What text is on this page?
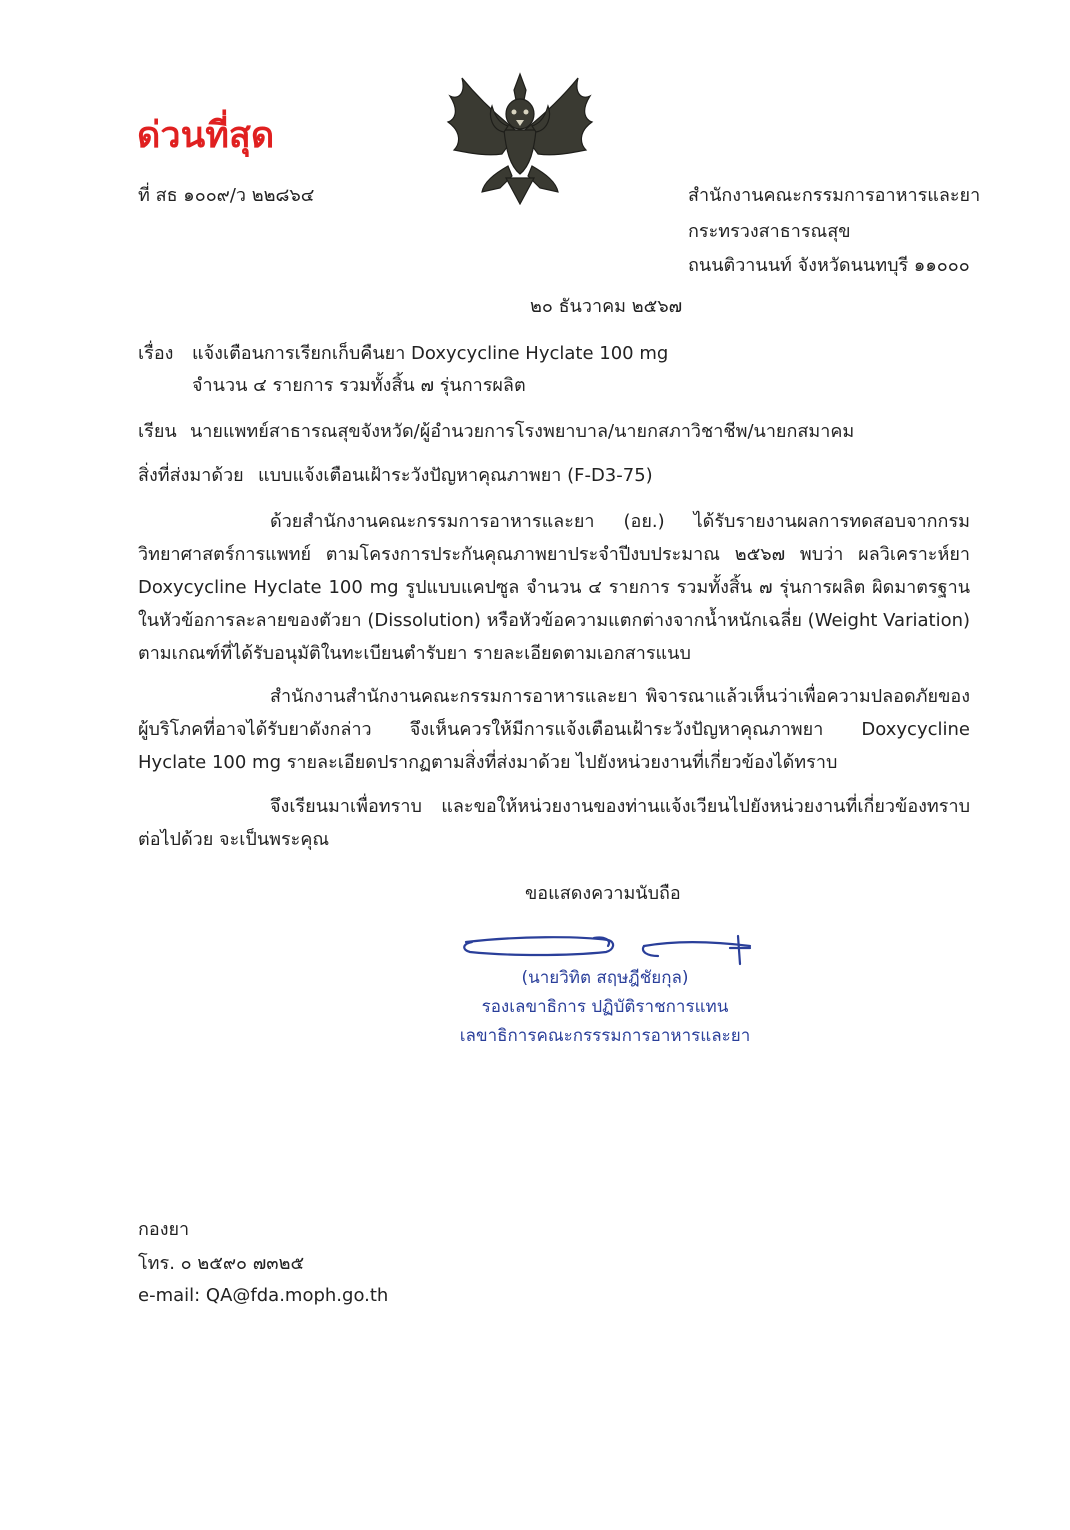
ด่วนที่สุด
ที่ สธ ๑๐๐๙/ว ๒๒๘๖๔	สำนักงานคณะกรรมการอาหารและยา
กระทรวงสาธารณสุข
ถนนติวานนท์ จังหวัดนนทบุรี ๑๑๐๐๐
๒๐ ธันวาคม ๒๕๖๗
เรื่อง แจ้งเตือนการเรียกเก็บคืนยา Doxycycline Hyclate 100 mg
จำนวน ๔ รายการ รวมทั้งสิ้น ๗ รุ่นการผลิต
เรียน นายแพทย์สาธารณสุขจังหวัด/ผู้อำนวยการโรงพยาบาล/นายกสภาวิชาชีพ/นายกสมาคม
สิ่งที่ส่งมาด้วย แบบแจ้งเตือนเฝ้าระวังปัญหาคุณภาพยา (F-D3-75)
ด้วยสำนักงานคณะกรรมการอาหารและยา (อย.) ได้รับรายงานผลการทดสอบจากกรมวิทยาศาสตร์การแพทย์ ตามโครงการประกันคุณภาพยาประจำปีงบประมาณ ๒๕๖๗ พบว่า ผลวิเคราะห์ยา Doxycycline Hyclate 100 mg รูปแบบแคปซูล จำนวน ๔ รายการ รวมทั้งสิ้น ๗ รุ่นการผลิต ผิดมาตรฐานในหัวข้อการละลายของตัวยา (Dissolution) หรือหัวข้อความแตกต่างจากน้ำหนักเฉลี่ย (Weight Variation) ตามเกณฑ์ที่ได้รับอนุมัติในทะเบียนตำรับยา รายละเอียดตามเอกสารแนบ
สำนักงานสำนักงานคณะกรรมการอาหารและยา พิจารณาแล้วเห็นว่าเพื่อความปลอดภัยของผู้บริโภคที่อาจได้รับยาดังกล่าว จึงเห็นควรให้มีการแจ้งเตือนเฝ้าระวังปัญหาคุณภาพยา Doxycycline Hyclate 100 mg รายละเอียดปรากฏตามสิ่งที่ส่งมาด้วย ไปยังหน่วยงานที่เกี่ยวข้องได้ทราบ
จึงเรียนมาเพื่อทราบ และขอให้หน่วยงานของท่านแจ้งเวียนไปยังหน่วยงานที่เกี่ยวข้องทราบต่อไปด้วย จะเป็นพระคุณ
ขอแสดงความนับถือ
(นายวิทิต สฤษฎีชัยกุล)
รองเลขาธิการ ปฏิบัติราชการแทน
เลขาธิการคณะกรรรมการอาหารและยา
กองยา
โทร. ๐ ๒๕๙๐ ๗๓๒๕
e-mail: QA@fda.moph.go.th
